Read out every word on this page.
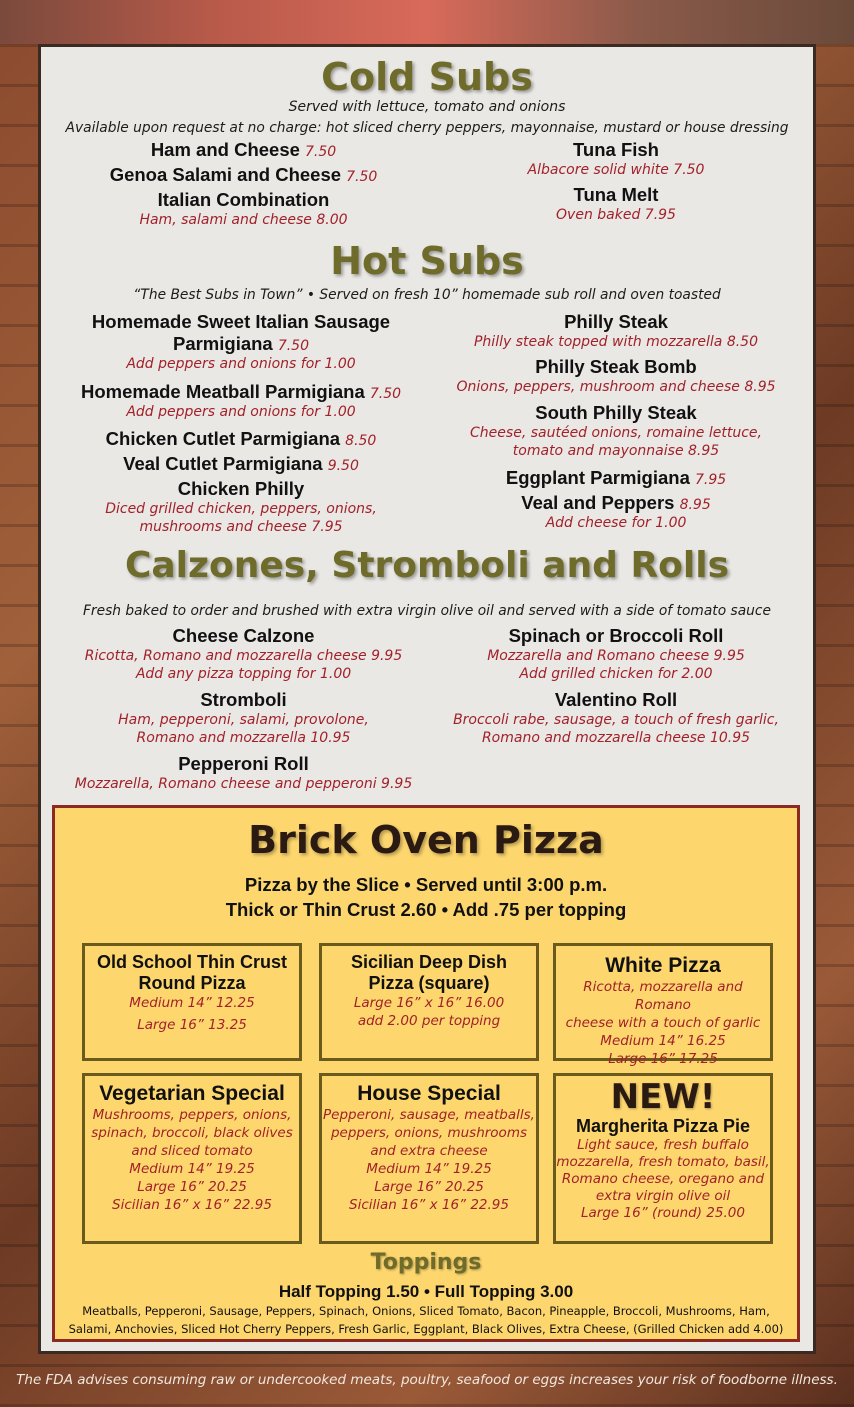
Cold Subs
Served with lettuce, tomato and onions
Available upon request at no charge: hot sliced cherry peppers, mayonnaise, mustard or house dressing
Ham and Cheese 7.50
Genoa Salami and Cheese 7.50
Italian Combination
Ham, salami and cheese 8.00
Tuna Fish
Albacore solid white 7.50
Tuna Melt
Oven baked 7.95
Hot Subs
“The Best Subs in Town” • Served on fresh 10” homemade sub roll and oven toasted
Homemade Sweet Italian Sausage
Parmigiana 7.50
Add peppers and onions for 1.00
Homemade Meatball Parmigiana 7.50
Add peppers and onions for 1.00
Chicken Cutlet Parmigiana 8.50
Veal Cutlet Parmigiana 9.50
Chicken Philly
Diced grilled chicken, peppers, onions,
mushrooms and cheese 7.95
Philly Steak
Philly steak topped with mozzarella 8.50
Philly Steak Bomb
Onions, peppers, mushroom and cheese 8.95
South Philly Steak
Cheese, sautéed onions, romaine lettuce,
tomato and mayonnaise 8.95
Eggplant Parmigiana 7.95
Veal and Peppers 8.95
Add cheese for 1.00
Calzones, Stromboli and Rolls
Fresh baked to order and brushed with extra virgin olive oil and served with a side of tomato sauce
Cheese Calzone
Ricotta, Romano and mozzarella cheese 9.95
Add any pizza topping for 1.00
Stromboli
Ham, pepperoni, salami, provolone,
Romano and mozzarella 10.95
Pepperoni Roll
Mozzarella, Romano cheese and pepperoni 9.95
Spinach or Broccoli Roll
Mozzarella and Romano cheese 9.95
Add grilled chicken for 2.00
Valentino Roll
Broccoli rabe, sausage, a touch of fresh garlic,
Romano and mozzarella cheese 10.95
Brick Oven Pizza
Pizza by the Slice • Served until 3:00 p.m.
Thick or Thin Crust 2.60 • Add .75 per topping
Old School Thin Crust
Round Pizza
Medium 14” 12.25
Large 16” 13.25
Sicilian Deep Dish
Pizza (square)
Large 16” x 16” 16.00
add 2.00 per topping
White Pizza
Ricotta, mozzarella and Romano
cheese with a touch of garlic
Medium 14” 16.25
Large 16” 17.25
Vegetarian Special
Mushrooms, peppers, onions,
spinach, broccoli, black olives
and sliced tomato
Medium 14” 19.25
Large 16” 20.25
Sicilian 16” x 16” 22.95
House Special
Pepperoni, sausage, meatballs,
peppers, onions, mushrooms
and extra cheese
Medium 14” 19.25
Large 16” 20.25
Sicilian 16” x 16” 22.95
NEW!
Margherita Pizza Pie
Light sauce, fresh buffalo
mozzarella, fresh tomato, basil,
Romano cheese, oregano and
extra virgin olive oil
Large 16” (round) 25.00
Toppings
Half Topping 1.50 • Full Topping 3.00
Meatballs, Pepperoni, Sausage, Peppers, Spinach, Onions, Sliced Tomato, Bacon, Pineapple, Broccoli, Mushrooms, Ham,
Salami, Anchovies, Sliced Hot Cherry Peppers, Fresh Garlic, Eggplant, Black Olives, Extra Cheese, (Grilled Chicken add 4.00)
The FDA advises consuming raw or undercooked meats, poultry, seafood or eggs increases your risk of foodborne illness.
